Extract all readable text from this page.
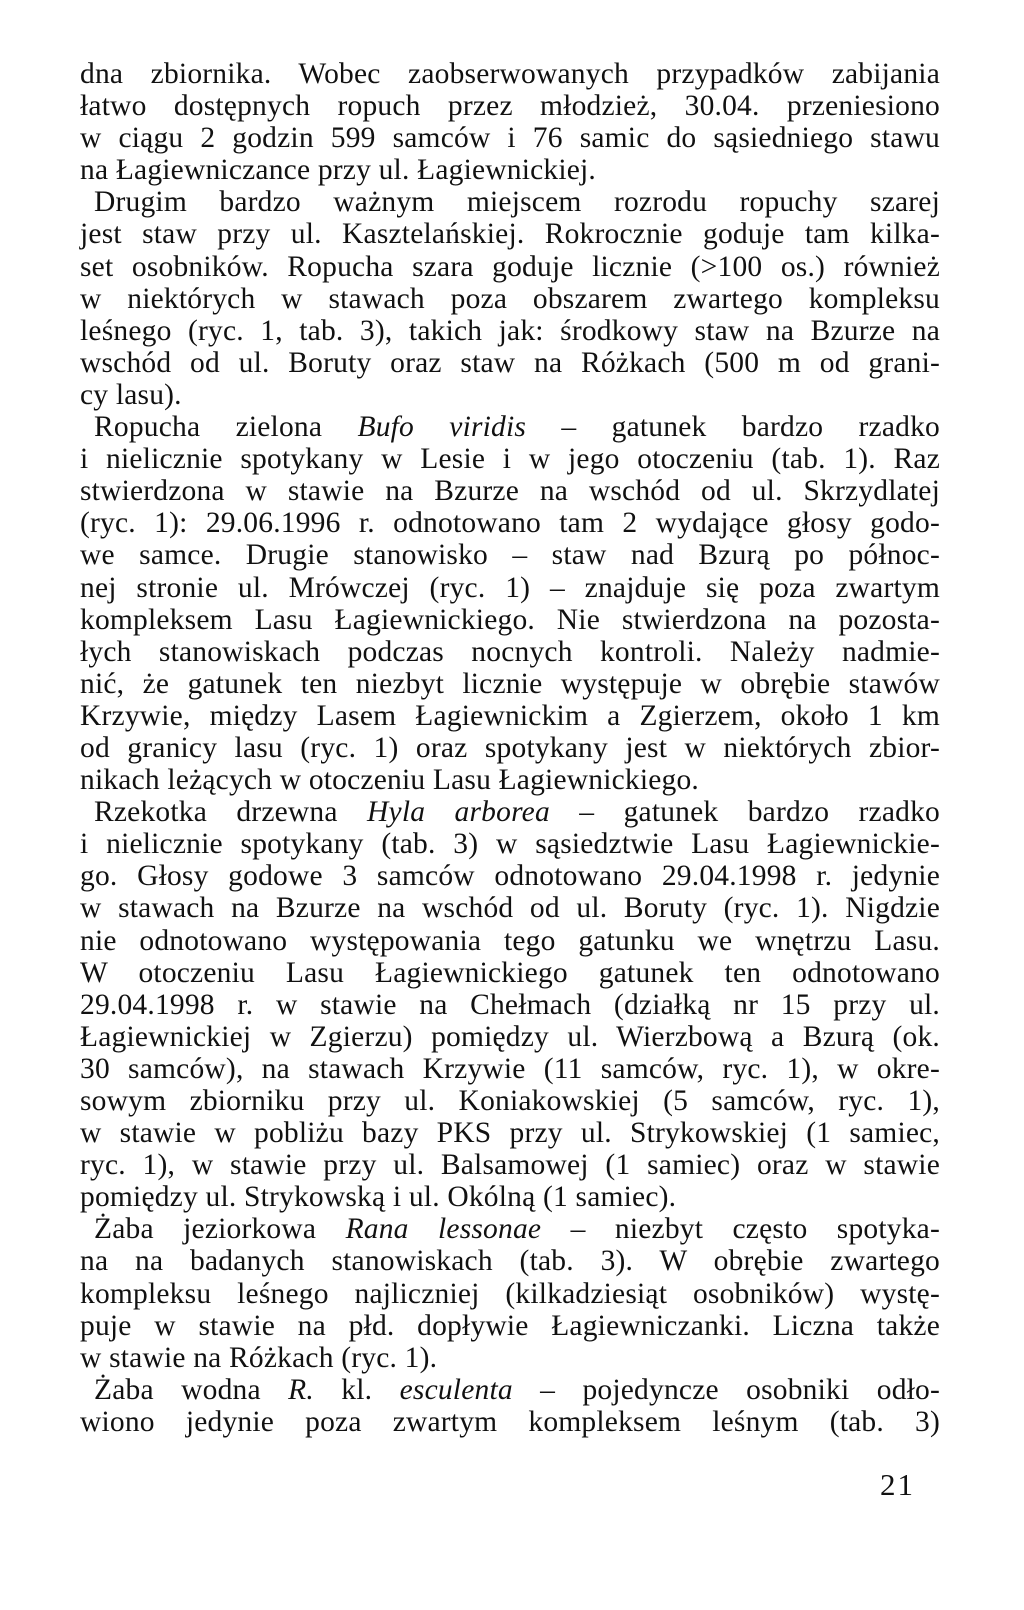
dna zbiornika. Wobec zaobserwowanych przypadków zabijania
łatwo dostępnych ropuch przez młodzież, 30.04. przeniesiono
w ciągu 2 godzin 599 samców i 76 samic do sąsiedniego stawu
na Łagiewniczance przy ul. Łagiewnickiej.
Drugim bardzo ważnym miejscem rozrodu ropuchy szarej
jest staw przy ul. Kasztelańskiej. Rokrocznie goduje tam kilka-
set osobników. Ropucha szara goduje licznie (>100 os.) również
w niektórych w stawach poza obszarem zwartego kompleksu
leśnego (ryc. 1, tab. 3), takich jak: środkowy staw na Bzurze na
wschód od ul. Boruty oraz staw na Różkach (500 m od grani-
cy lasu).
Ropucha zielona Bufo viridis – gatunek bardzo rzadko
i nielicznie spotykany w Lesie i w jego otoczeniu (tab. 1). Raz
stwierdzona w stawie na Bzurze na wschód od ul. Skrzydlatej
(ryc. 1): 29.06.1996 r. odnotowano tam 2 wydające głosy godo-
we samce. Drugie stanowisko – staw nad Bzurą po północ-
nej stronie ul. Mrówczej (ryc. 1) – znajduje się poza zwartym
kompleksem Lasu Łagiewnickiego. Nie stwierdzona na pozosta-
łych stanowiskach podczas nocnych kontroli. Należy nadmie-
nić, że gatunek ten niezbyt licznie występuje w obrębie stawów
Krzywie, między Lasem Łagiewnickim a Zgierzem, około 1 km
od granicy lasu (ryc. 1) oraz spotykany jest w niektórych zbior-
nikach leżących w otoczeniu Lasu Łagiewnickiego.
Rzekotka drzewna Hyla arborea – gatunek bardzo rzadko
i nielicznie spotykany (tab. 3) w sąsiedztwie Lasu Łagiewnickie-
go. Głosy godowe 3 samców odnotowano 29.04.1998 r. jedynie
w stawach na Bzurze na wschód od ul. Boruty (ryc. 1). Nigdzie
nie odnotowano występowania tego gatunku we wnętrzu Lasu.
W otoczeniu Lasu Łagiewnickiego gatunek ten odnotowano
29.04.1998 r. w stawie na Chełmach (działką nr 15 przy ul.
Łagiewnickiej w Zgierzu) pomiędzy ul. Wierzbową a Bzurą (ok.
30 samców), na stawach Krzywie (11 samców, ryc. 1), w okre-
sowym zbiorniku przy ul. Koniakowskiej (5 samców, ryc. 1),
w stawie w pobliżu bazy PKS przy ul. Strykowskiej (1 samiec,
ryc. 1), w stawie przy ul. Balsamowej (1 samiec) oraz w stawie
pomiędzy ul. Strykowską i ul. Okólną (1 samiec).
Żaba jeziorkowa Rana lessonae – niezbyt często spotyka-
na na badanych stanowiskach (tab. 3). W obrębie zwartego
kompleksu leśnego najliczniej (kilkadziesiąt osobników) wystę-
puje w stawie na płd. dopływie Łagiewniczanki. Liczna także
w stawie na Różkach (ryc. 1).
Żaba wodna R. kl. esculenta – pojedyncze osobniki odło-
wiono jedynie poza zwartym kompleksem leśnym (tab. 3)
21
